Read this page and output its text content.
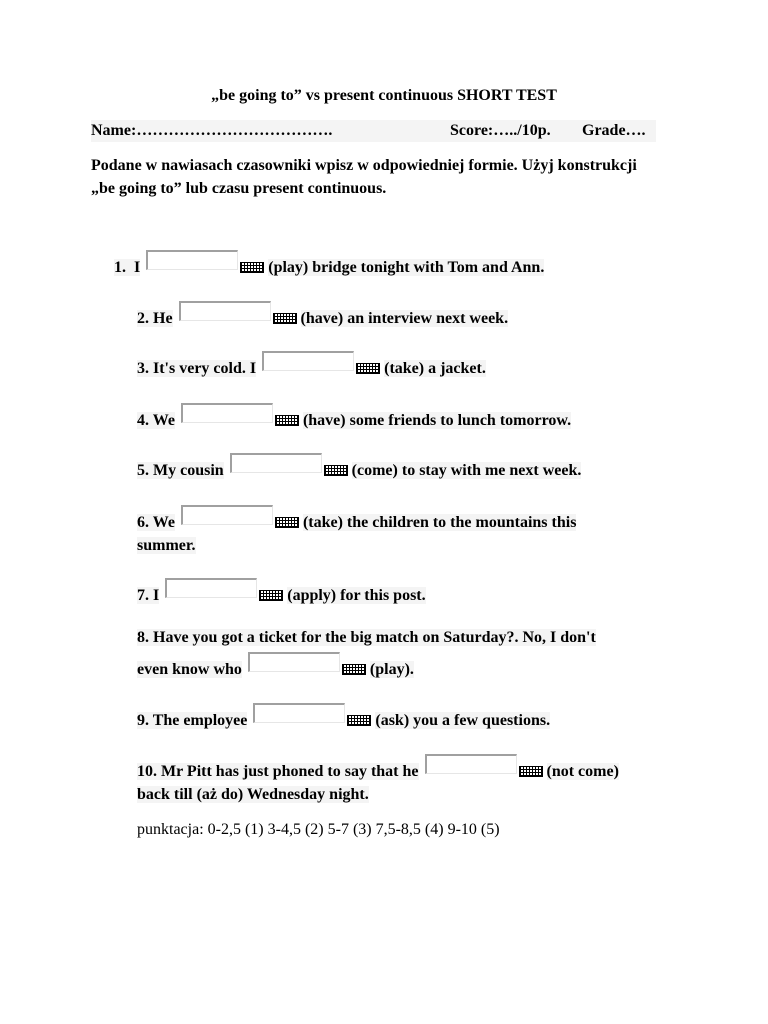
„be going to” vs present continuous SHORT TEST
Name:……………………………….	Score:…../10p. Grade….
Podane w nawiasach czasowniki wpisz w odpowiedniej formie. Użyj konstrukcji „be going to” lub czasu present continuous.
1. I	(play) bridge tonight with Tom and Ann.
2. He	(have) an interview next week.
3. It's very cold. I	(take) a jacket.
4. We	(have) some friends to lunch tomorrow.
5. My cousin	(come) to stay with me next week.
6. We	(take) the children to the mountains this
summer.
7. I	(apply) for this post.
8. Have you got a ticket for the big match on Saturday?. No, I don't
even know who	(play).
9. The employee	(ask) you a few questions.
10. Mr Pitt has just phoned to say that he	(not come)
back till (aż do) Wednesday night.
punktacja: 0-2,5 (1) 3-4,5 (2) 5-7 (3) 7,5-8,5 (4) 9-10 (5)
